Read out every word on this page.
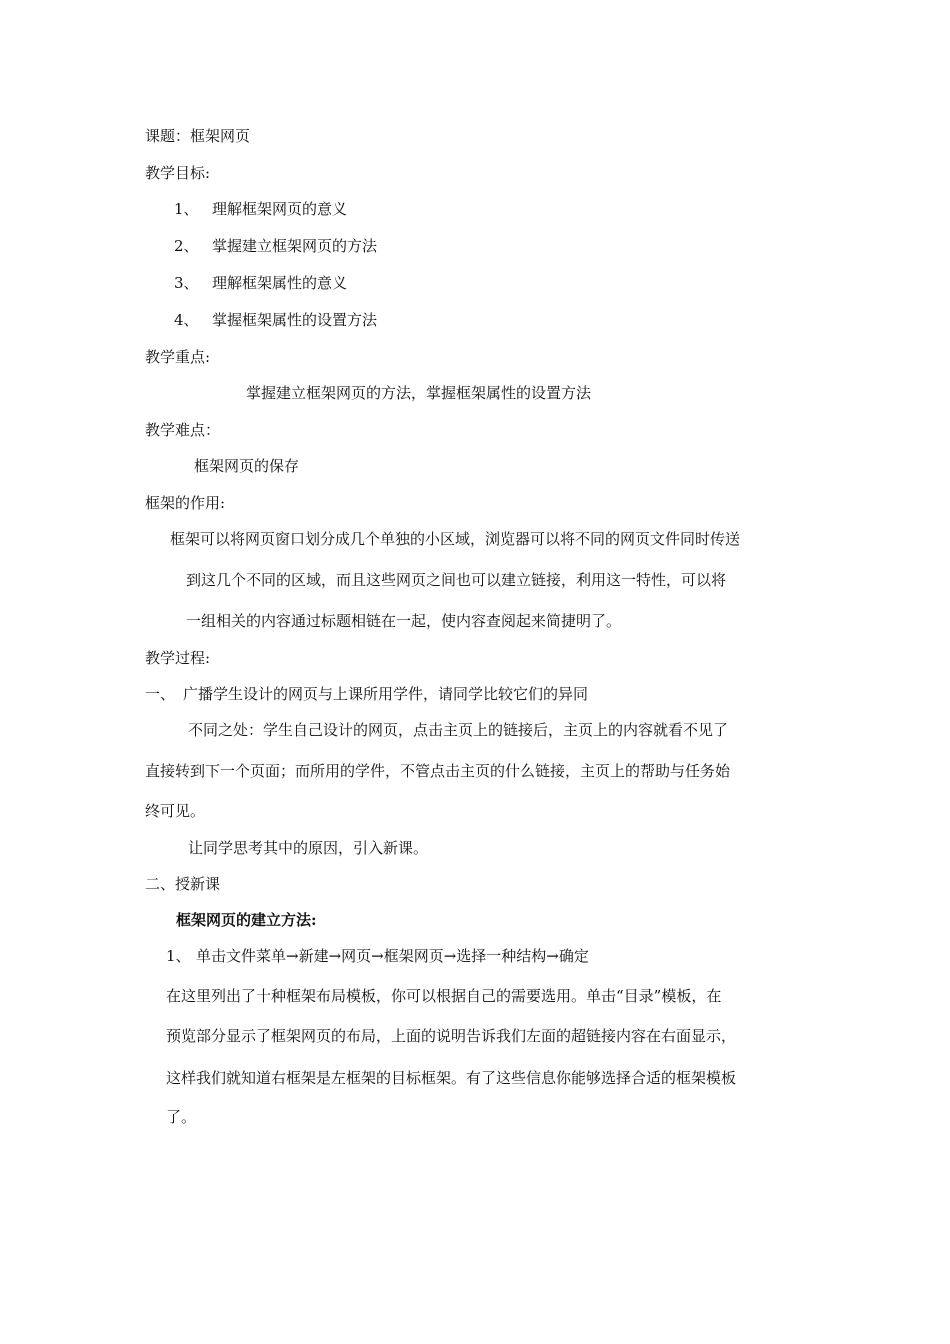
课题：框架网页
教学目标:
1、 理解框架网页的意义
2、 掌握建立框架网页的方法
3、 理解框架属性的意义
4、 掌握框架属性的设置方法
教学重点:
掌握建立框架网页的方法，掌握框架属性的设置方法
教学难点：
框架网页的保存
框架的作用:
框架可以将网页窗口划分成几个单独的小区域，浏览器可以将不同的网页文件同时传送
到这几个不同的区域，而且这些网页之间也可以建立链接，利用这一特性，可以将
一组相关的内容通过标题相链在一起，使内容查阅起来简捷明了。
教学过程:
一、 广播学生设计的网页与上课所用学件，请同学比较它们的异同
不同之处：学生自己设计的网页，点击主页上的链接后，主页上的内容就看不见了
直接转到下一个页面；而所用的学件，不管点击主页的什么链接，主页上的帮助与任务始
终可见。
让同学思考其中的原因，引入新课。
二、授新课
框架网页的建立方法:
1、 单击文件菜单→新建→网页→框架网页→选择一种结构→确定
在这里列出了十种框架布局模板，你可以根据自己的需要选用。单击“目录”模板，在
预览部分显示了框架网页的布局，上面的说明告诉我们左面的超链接内容在右面显示，
这样我们就知道右框架是左框架的目标框架。有了这些信息你能够选择合适的框架模板
了。
